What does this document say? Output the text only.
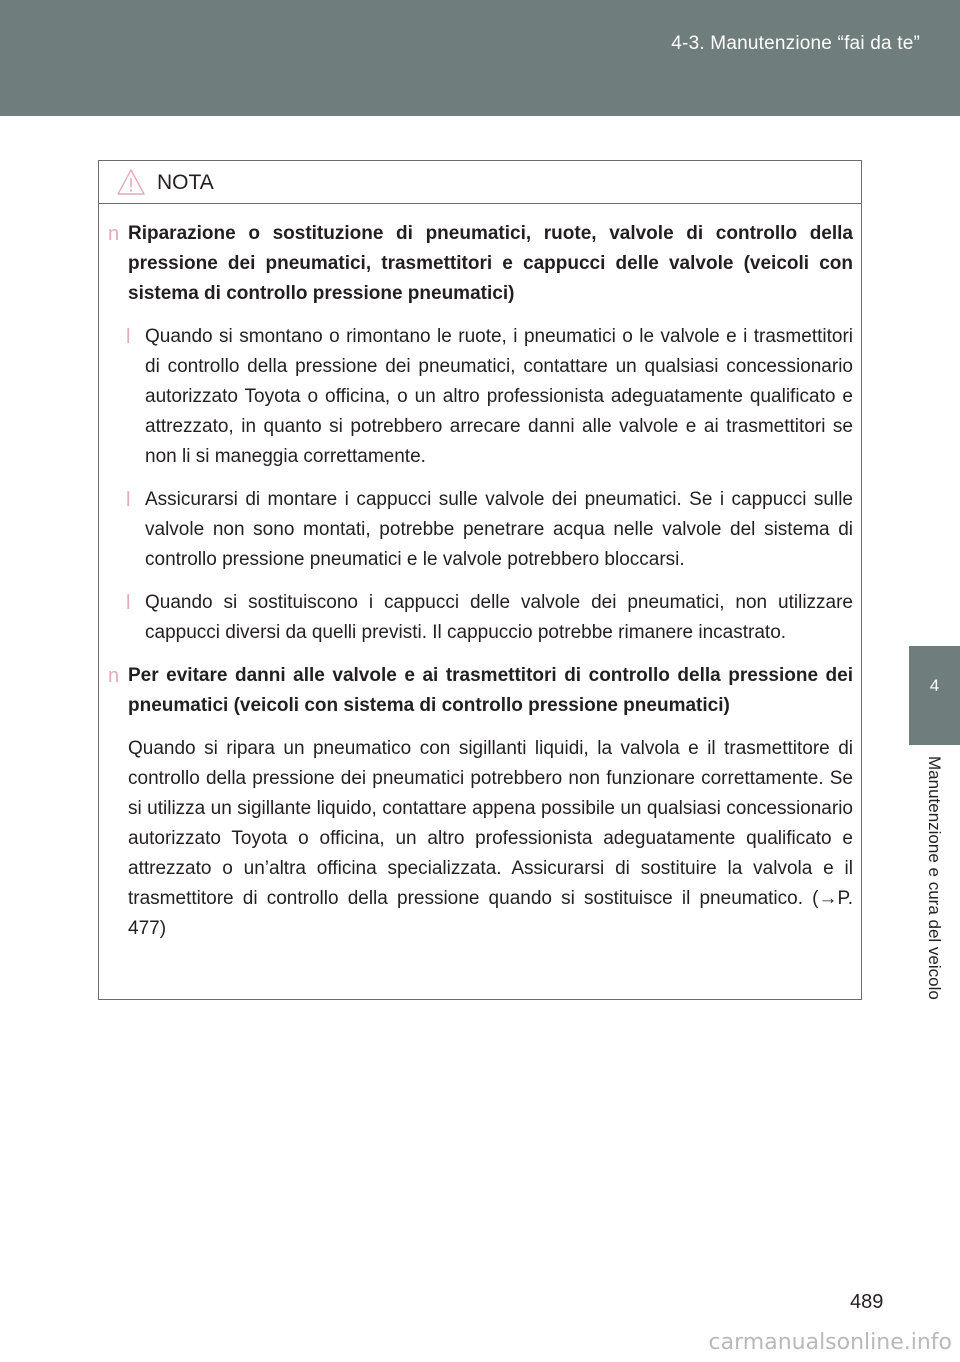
4-3. Manutenzione “fai da te”
4
Manutenzione e cura del veicolo
NOTA
n Riparazione o sostituzione di pneumatici, ruote, valvole di controllo della pressione dei pneumatici, trasmettitori e cappucci delle valvole (veicoli con sistema di controllo pressione pneumatici)
l Quando si smontano o rimontano le ruote, i pneumatici o le valvole e i trasmettitori di controllo della pressione dei pneumatici, contattare un qualsiasi concessionario autorizzato Toyota o officina, o un altro professionista adeguatamente qualificato e attrezzato, in quanto si potrebbero arrecare danni alle valvole e ai trasmettitori se non li si maneggia correttamente.
l Assicurarsi di montare i cappucci sulle valvole dei pneumatici. Se i cappucci sulle valvole non sono montati, potrebbe penetrare acqua nelle valvole del sistema di controllo pressione pneumatici e le valvole potrebbero bloccarsi.
l Quando si sostituiscono i cappucci delle valvole dei pneumatici, non utilizzare cappucci diversi da quelli previsti. Il cappuccio potrebbe rimanere incastrato.
n Per evitare danni alle valvole e ai trasmettitori di controllo della pressione dei pneumatici (veicoli con sistema di controllo pressione pneumatici)
Quando si ripara un pneumatico con sigillanti liquidi, la valvola e il trasmettitore di controllo della pressione dei pneumatici potrebbero non funzionare correttamente. Se si utilizza un sigillante liquido, contattare appena possibile un qualsiasi concessionario autorizzato Toyota o officina, un altro professionista adeguatamente qualificato e attrezzato o un’altra officina specializzata. Assicurarsi di sostituire la valvola e il trasmettitore di controllo della pressione quando si sostituisce il pneumatico. (→P. 477)
489
carmanualsonline.info
